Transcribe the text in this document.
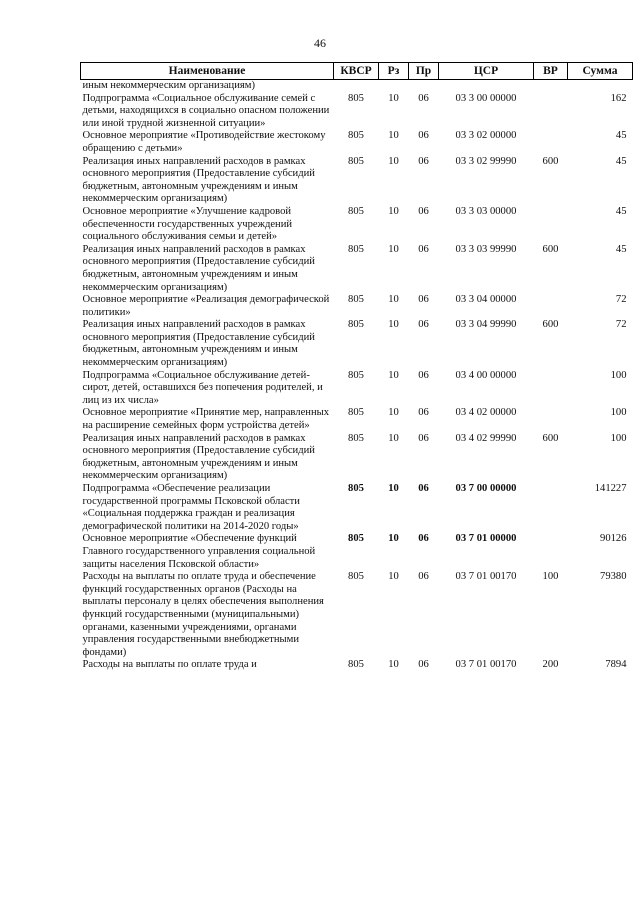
46
Наименование	КВСР	Рз	Пр	ЦСР	ВР	Сумма
иным некоммерческим организациям)						
Подпрограмма «Социальное обслуживание семей с детьми, находящихся в социально опасном положении или иной трудной жизненной ситуации»	805	10	06	03 3 00 00000		162
Основное мероприятие «Противодействие жестокому обращению с детьми»	805	10	06	03 3 02 00000		45
Реализация иных направлений расходов в рамках основного мероприятия (Предоставление субсидий бюджетным, автономным учреждениям и иным некоммерческим организациям)	805	10	06	03 3 02 99990	600	45
Основное мероприятие «Улучшение кадровой обеспеченности государственных учреждений социального обслуживания семьи и детей»	805	10	06	03 3 03 00000		45
Реализация иных направлений расходов в рамках основного мероприятия (Предоставление субсидий бюджетным, автономным учреждениям и иным некоммерческим организациям)	805	10	06	03 3 03 99990	600	45
Основное мероприятие «Реализация демографической политики»	805	10	06	03 3 04 00000		72
Реализация иных направлений расходов в рамках основного мероприятия (Предоставление субсидий бюджетным, автономным учреждениям и иным некоммерческим организациям)	805	10	06	03 3 04 99990	600	72
Подпрограмма «Социальное обслуживание детей-сирот, детей, оставшихся без попечения родителей, и лиц из их числа»	805	10	06	03 4 00 00000		100
Основное мероприятие «Принятие мер, направленных на расширение семейных форм устройства детей»	805	10	06	03 4 02 00000		100
Реализация иных направлений расходов в рамках основного мероприятия (Предоставление субсидий бюджетным, автономным учреждениям и иным некоммерческим организациям)	805	10	06	03 4 02 99990	600	100
Подпрограмма «Обеспечение реализации государственной программы Псковской области «Социальная поддержка граждан и реализация демографической политики на 2014-2020 годы»	805	10	06	03 7 00 00000		141227
Основное мероприятие «Обеспечение функций Главного государственного управления социальной защиты населения Псковской области»	805	10	06	03 7 01 00000		90126
Расходы на выплаты по оплате труда и обеспечение функций государственных органов (Расходы на выплаты персоналу в целях обеспечения выполнения функций государственными (муниципальными) органами, казенными учреждениями, органами управления государственными внебюджетными фондами)	805	10	06	03 7 01 00170	100	79380
Расходы на выплаты по оплате труда и	805	10	06	03 7 01 00170	200	7894
